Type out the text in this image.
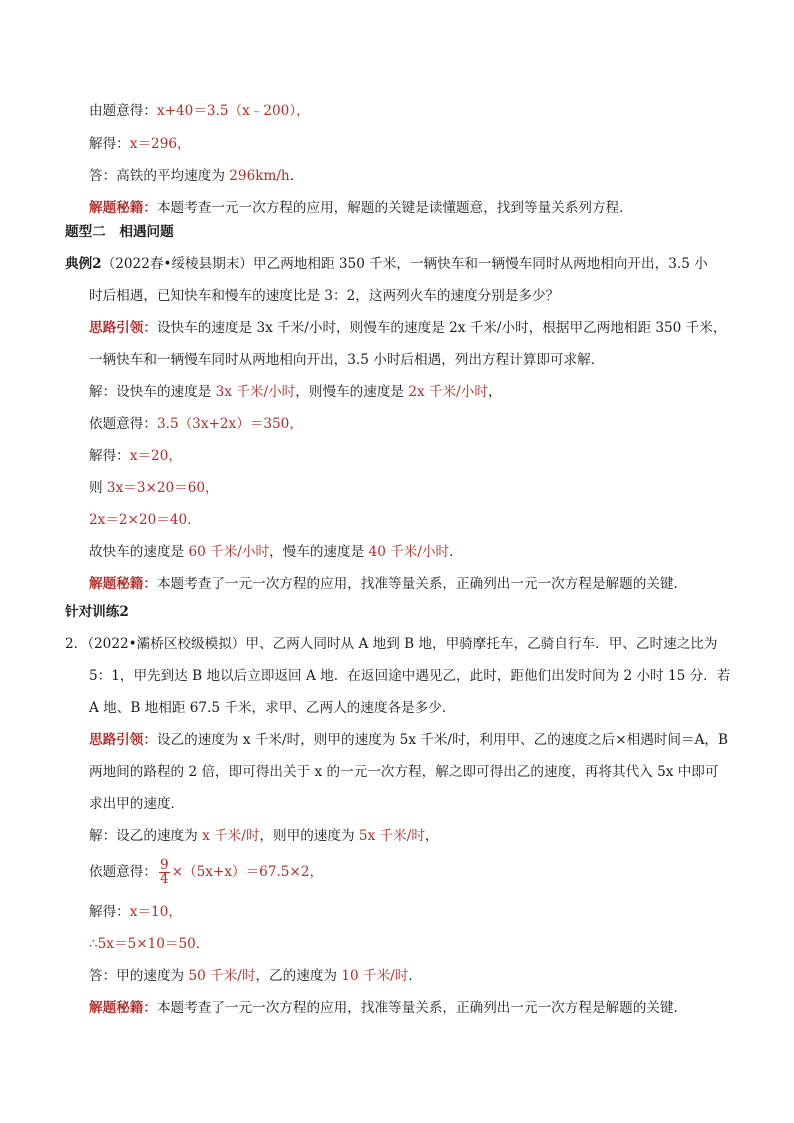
由题意得：x+40＝3.5（x﹣200），
解得：x＝296，
答：高铁的平均速度为 296km/h.
解题秘籍：本题考查一元一次方程的应用，解题的关键是读懂题意，找到等量关系列方程．
题型二　相遇问题
典例2（2022春•绥棱县期末）甲乙两地相距 350 千米，一辆快车和一辆慢车同时从两地相向开出，3.5 小
时后相遇，已知快车和慢车的速度比是 3：2，这两列火车的速度分别是多少？
思路引领：设快车的速度是 3x 千米/小时，则慢车的速度是 2x 千米/小时，根据甲乙两地相距 350 千米，
一辆快车和一辆慢车同时从两地相向开出，3.5 小时后相遇，列出方程计算即可求解．
解：设快车的速度是 3x 千米/小时，则慢车的速度是 2x 千米/小时，
依题意得：3.5（3x+2x）＝350，
解得：x＝20，
则 3x＝3×20＝60，
2x＝2×20＝40．
故快车的速度是 60 千米/小时，慢车的速度是 40 千米/小时．
解题秘籍：本题考查了一元一次方程的应用，找准等量关系，正确列出一元一次方程是解题的关键．
针对训练2
2．（2022•灞桥区校级模拟）甲、乙两人同时从 A 地到 B 地，甲骑摩托车，乙骑自行车．甲、乙时速之比为
5：1，甲先到达 B 地以后立即返回 A 地．在返回途中遇见乙，此时，距他们出发时间为 2 小时 15 分．若
A 地、B 地相距 67.5 千米，求甲、乙两人的速度各是多少．
思路引领：设乙的速度为 x 千米/时，则甲的速度为 5x 千米/时，利用甲、乙的速度之后×相遇时间＝A，B
两地间的路程的 2 倍，即可得出关于 x 的一元一次方程，解之即可得出乙的速度，再将其代入 5x 中即可
求出甲的速度．
解：设乙的速度为 x 千米/时，则甲的速度为 5x 千米/时，
依题意得： $\frac{9}{4} \times(5x+x)=67.5\times 2$，
解得：x＝10，
∴5x＝5×10＝50．
答：甲的速度为 50 千米/时，乙的速度为 10 千米/时．
解题秘籍：本题考查了一元一次方程的应用，找准等量关系，正确列出一元一次方程是解题的关键．
